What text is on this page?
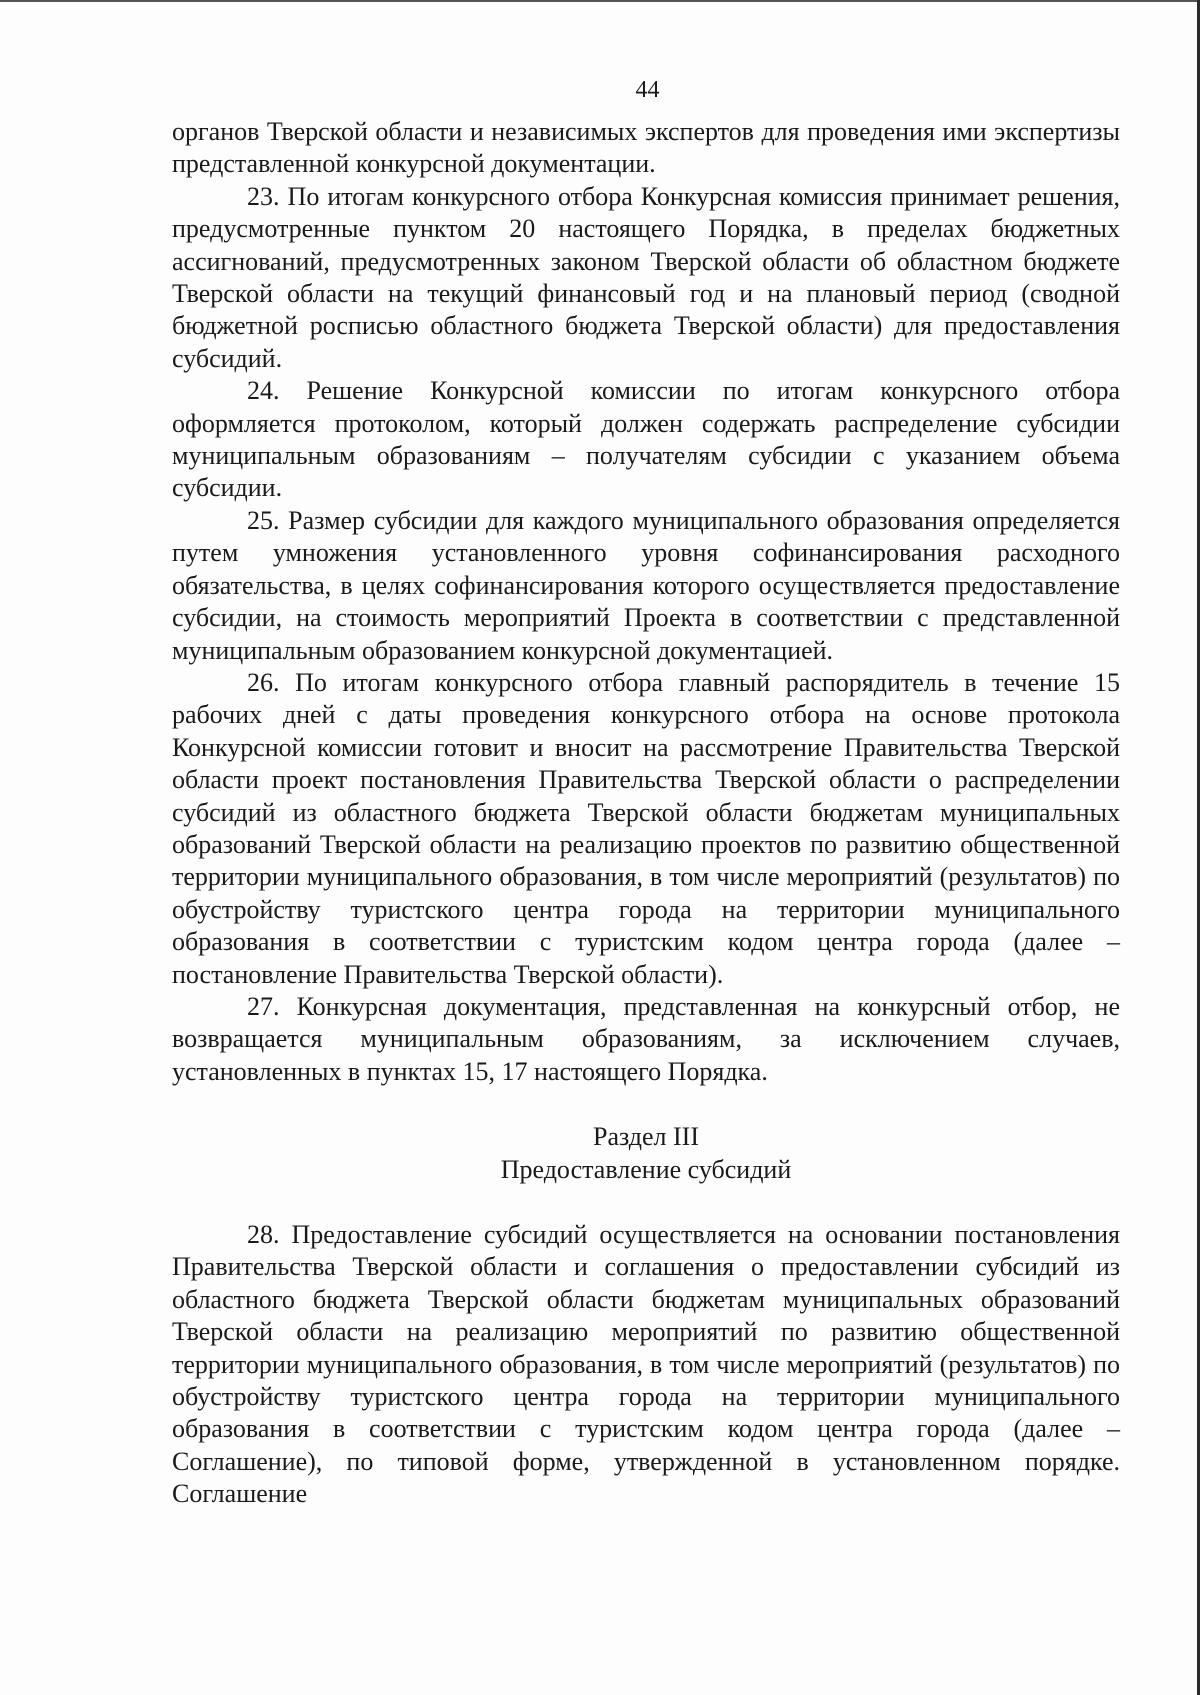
44

органов Тверской области и независимых экспертов для проведения ими экспертизы представленной конкурсной документации.

23. По итогам конкурсного отбора Конкурсная комиссия принимает решения, предусмотренные пунктом 20 настоящего Порядка, в пределах бюджетных ассигнований, предусмотренных законом Тверской области об областном бюджете Тверской области на текущий финансовый год и на плановый период (сводной бюджетной росписью областного бюджета Тверской области) для предоставления субсидий.

24. Решение Конкурсной комиссии по итогам конкурсного отбора оформляется протоколом, который должен содержать распределение субсидии муниципальным образованиям – получателям субсидии с указанием объема субсидии.

25. Размер субсидии для каждого муниципального образования определяется путем умножения установленного уровня софинансирования расходного обязательства, в целях софинансирования которого осуществляется предоставление субсидии, на стоимость мероприятий Проекта в соответствии с представленной муниципальным образованием конкурсной документацией.

26. По итогам конкурсного отбора главный распорядитель в течение 15 рабочих дней с даты проведения конкурсного отбора на основе протокола Конкурсной комиссии готовит и вносит на рассмотрение Правительства Тверской области проект постановления Правительства Тверской области о распределении субсидий из областного бюджета Тверской области бюджетам муниципальных образований Тверской области на реализацию проектов по развитию общественной территории муниципального образования, в том числе мероприятий (результатов) по обустройству туристского центра города на территории муниципального образования в соответствии с туристским кодом центра города (далее – постановление Правительства Тверской области).

27. Конкурсная документация, представленная на конкурсный отбор, не возвращается муниципальным образованиям, за исключением случаев, установленных в пунктах 15, 17 настоящего Порядка.

Раздел III

Предоставление субсидий

28. Предоставление субсидий осуществляется на основании постановления Правительства Тверской области и соглашения о предоставлении субсидий из областного бюджета Тверской области бюджетам муниципальных образований Тверской области на реализацию мероприятий по развитию общественной территории муниципального образования, в том числе мероприятий (результатов) по обустройству туристского центра города на территории муниципального образования в соответствии с туристским кодом центра города (далее – Соглашение), по типовой форме, утвержденной в установленном порядке. Соглашение
